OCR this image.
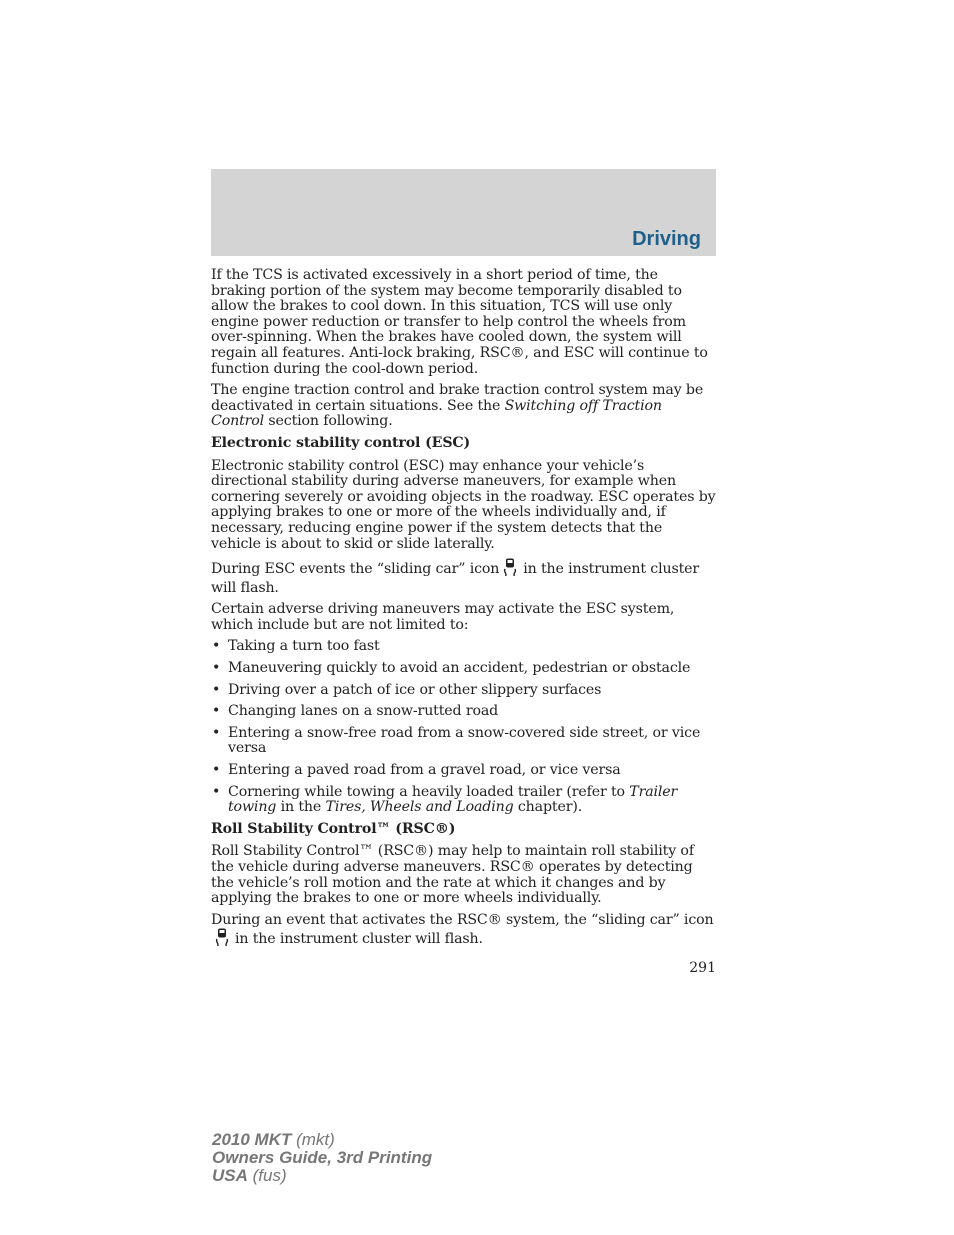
Driving

If the TCS is activated excessively in a short period of time, the braking portion of the system may become temporarily disabled to allow the brakes to cool down. In this situation, TCS will use only engine power reduction or transfer to help control the wheels from over-spinning. When the brakes have cooled down, the system will regain all features. Anti-lock braking, RSC®, and ESC will continue to function during the cool-down period.

The engine traction control and brake traction control system may be deactivated in certain situations. See the Switching off Traction Control section following.

Electronic stability control (ESC)

Electronic stability control (ESC) may enhance your vehicle’s directional stability during adverse maneuvers, for example when cornering severely or avoiding objects in the roadway. ESC operates by applying brakes to one or more of the wheels individually and, if necessary, reducing engine power if the system detects that the vehicle is about to skid or slide laterally.

During ESC events the “sliding car” icon in the instrument cluster will flash.

Certain adverse driving maneuvers may activate the ESC system, which include but are not limited to:

• Taking a turn too fast
• Maneuvering quickly to avoid an accident, pedestrian or obstacle
• Driving over a patch of ice or other slippery surfaces
• Changing lanes on a snow-rutted road
• Entering a snow-free road from a snow-covered side street, or vice versa
• Entering a paved road from a gravel road, or vice versa
• Cornering while towing a heavily loaded trailer (refer to Trailer towing in the Tires, Wheels and Loading chapter).
Roll Stability Control™ (RSC®)

Roll Stability Control™ (RSC®) may help to maintain roll stability of the vehicle during adverse maneuvers. RSC® operates by detecting the vehicle’s roll motion and the rate at which it changes and by applying the brakes to one or more wheels individually.

During an event that activates the RSC® system, the “sliding car” iconin the instrument cluster will flash.

291
2010 MKT (mkt)
Owners Guide, 3rd Printing
USA (fus)
